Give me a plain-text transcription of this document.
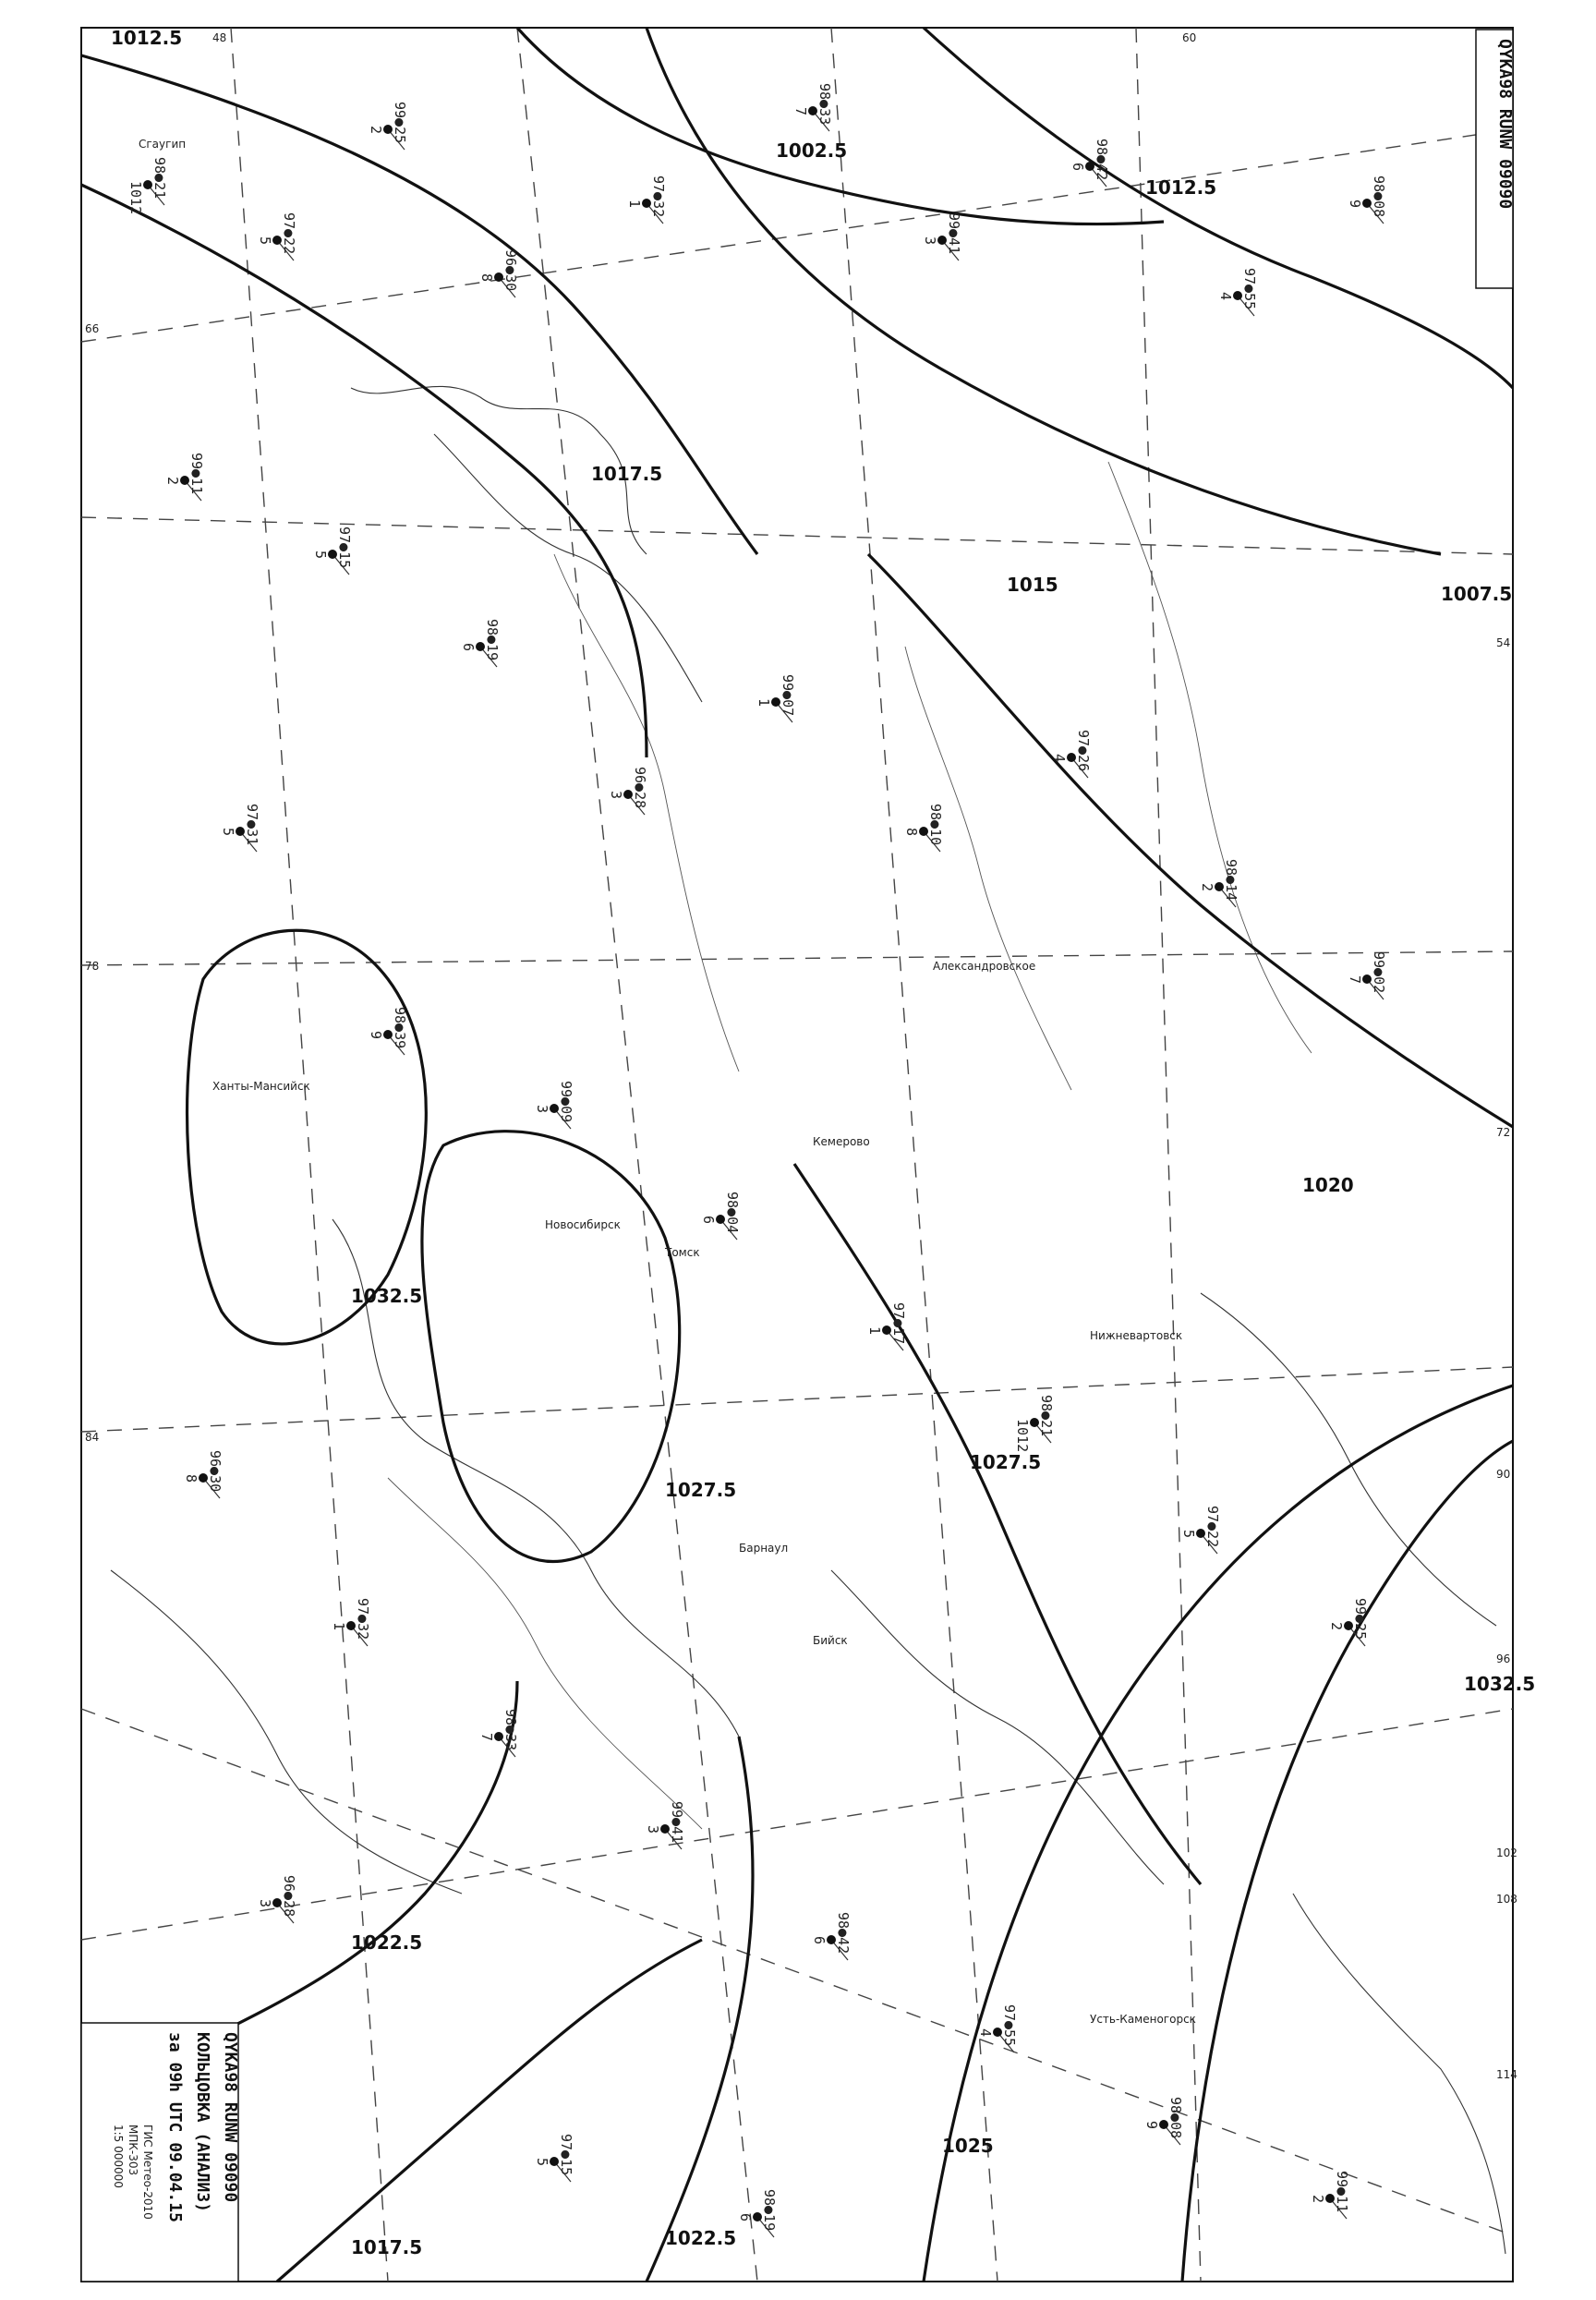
1012.5
1002.5
1017.5
1015	1007.5
1020
1032.5
1027.5
1022.5
1025
1032.5
1017.5
1027.5
1012.5
1022.5
Сгаугип
Ханты-Мансийск
Новосибирск
Кемерово
Александровское
Нижневартовск
Барнаул
Томск
Бийск
Усть-Каменогорск
48
66
78
84
90
96
102
108
114
60
54
72
98●21
1012
97●22
5
99●25
2
96●30
8
97●32
1
98●33
7
99●41
3
98●42
6
97●55
4
98●08
9
99●11
2
97●15
5
98●19
6
96●28
3
99●07
1
98●10
8
97●26
4
98●14
2
99●02
7
97●31
5
98●39
9
99●09
3
98●04
6
97●17
1
98●21
1012
97●22
5
99●25
2
96●30
8
97●32
1
98●33
7
99●41
3
98●42
6
97●55
4
98●08
9
99●11
2
97●15
5
98●19
6
96●28
3
QYKA98 RUNW 09090
QYKA98 RUNW 09090
КОЛЬЦОВКА (АНАЛИЗ)
за 09h UTC 09.04.15
ГИС Метео-2010
МПК-303
1:5 000000
